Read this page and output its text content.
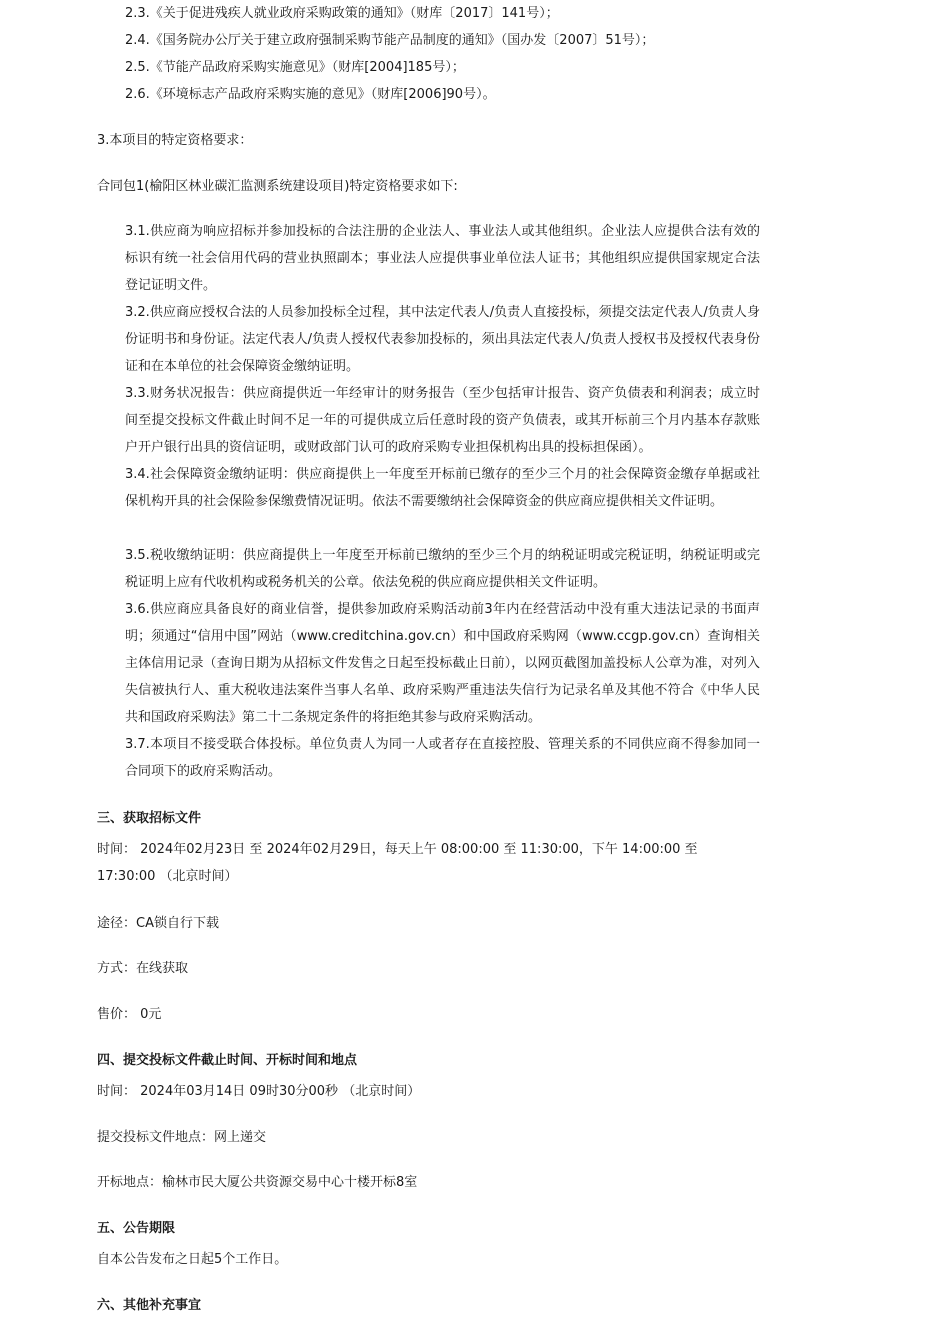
2.3.《关于促进残疾人就业政府采购政策的通知》（财库〔2017〕141号）；
2.4.《国务院办公厅关于建立政府强制采购节能产品制度的通知》（国办发〔2007〕51号）；
2.5.《节能产品政府采购实施意见》（财库[2004]185号）；
2.6.《环境标志产品政府采购实施的意见》（财库[2006]90号）。
3.本项目的特定资格要求：
合同包1(榆阳区林业碳汇监测系统建设项目)特定资格要求如下:
3.1.供应商为响应招标并参加投标的合法注册的企业法人、事业法人或其他组织。企业法人应提供合法有效的标识有统一社会信用代码的营业执照副本；事业法人应提供事业单位法人证书；其他组织应提供国家规定合法登记证明文件。
3.2.供应商应授权合法的人员参加投标全过程，其中法定代表人/负责人直接投标，须提交法定代表人/负责人身份证明书和身份证。法定代表人/负责人授权代表参加投标的，须出具法定代表人/负责人授权书及授权代表身份证和在本单位的社会保障资金缴纳证明。
3.3.财务状况报告：供应商提供近一年经审计的财务报告（至少包括审计报告、资产负债表和利润表；成立时间至提交投标文件截止时间不足一年的可提供成立后任意时段的资产负债表，或其开标前三个月内基本存款账户开户银行出具的资信证明，或财政部门认可的政府采购专业担保机构出具的投标担保函）。
3.4.社会保障资金缴纳证明：供应商提供上一年度至开标前已缴存的至少三个月的社会保障资金缴存单据或社保机构开具的社会保险参保缴费情况证明。依法不需要缴纳社会保障资金的供应商应提供相关文件证明。
3.5.税收缴纳证明：供应商提供上一年度至开标前已缴纳的至少三个月的纳税证明或完税证明，纳税证明或完税证明上应有代收机构或税务机关的公章。依法免税的供应商应提供相关文件证明。
3.6.供应商应具备良好的商业信誉，提供参加政府采购活动前3年内在经营活动中没有重大违法记录的书面声明；须通过“信用中国”网站（www.creditchina.gov.cn）和中国政府采购网（www.ccgp.gov.cn）查询相关主体信用记录（查询日期为从招标文件发售之日起至投标截止日前），以网页截图加盖投标人公章为准，对列入失信被执行人、重大税收违法案件当事人名单、政府采购严重违法失信行为记录名单及其他不符合《中华人民共和国政府采购法》第二十二条规定条件的将拒绝其参与政府采购活动。
3.7.本项目不接受联合体投标。单位负责人为同一人或者存在直接控股、管理关系的不同供应商不得参加同一合同项下的政府采购活动。
三、获取招标文件
时间： 2024年02月23日 至 2024年02月29日，每天上午 08:00:00 至 11:30:00，下午 14:00:00 至 17:30:00 （北京时间）
途径：CA锁自行下载
方式：在线获取
售价： 0元
四、提交投标文件截止时间、开标时间和地点
时间： 2024年03月14日 09时30分00秒 （北京时间）
提交投标文件地点：网上递交
开标地点：榆林市民大厦公共资源交易中心十楼开标8室
五、公告期限
自本公告发布之日起5个工作日。
六、其他补充事宜
